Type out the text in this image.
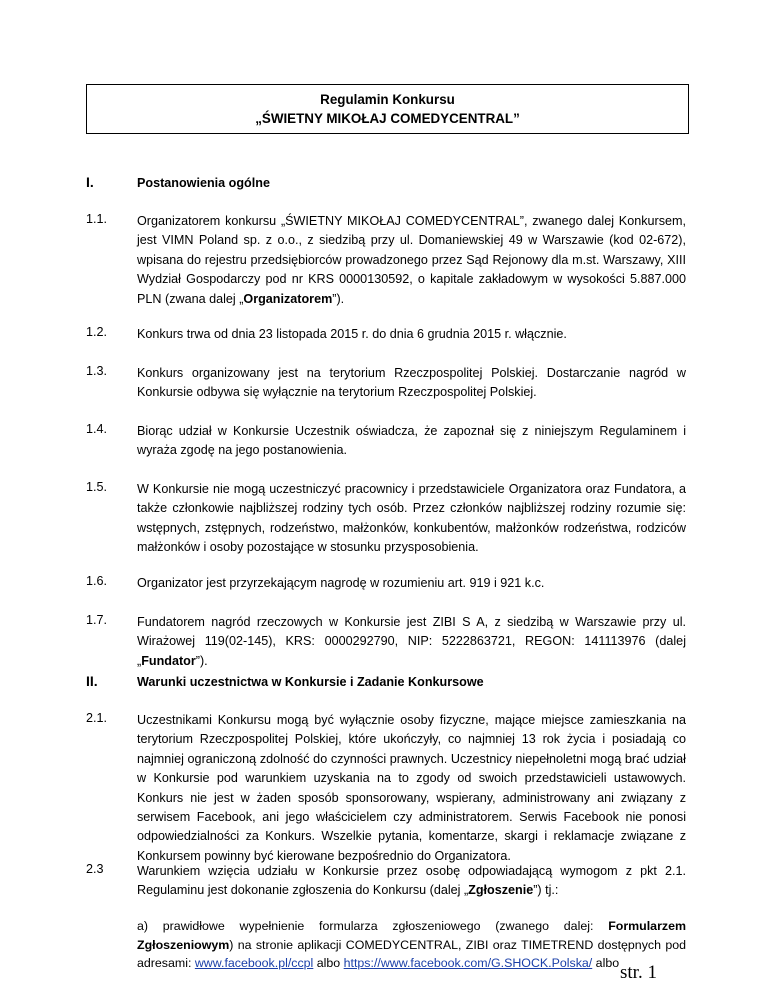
Regulamin Konkursu
„ŚWIETNY MIKOŁAJ COMEDYCENTRAL”
I.	Postanowienia ogólne
1.1.	Organizatorem konkursu „ŚWIETNY MIKOŁAJ COMEDYCENTRAL”, zwanego dalej Konkursem, jest VIMN Poland sp. z o.o., z siedzibą przy ul. Domaniewskiej 49 w Warszawie (kod 02-672), wpisana do rejestru przedsiębiorców prowadzonego przez Sąd Rejonowy dla m.st. Warszawy, XIII Wydział Gospodarczy pod nr KRS 0000130592, o kapitale zakładowym w wysokości 5.887.000 PLN (zwana dalej „Organizatorem”).
1.2.	Konkurs trwa od dnia 23 listopada 2015 r. do dnia 6 grudnia 2015 r. włącznie.
1.3.	Konkurs organizowany jest na terytorium Rzeczpospolitej Polskiej. Dostarczanie nagród w Konkursie odbywa się wyłącznie na terytorium Rzeczpospolitej Polskiej.
1.4.	Biorąc udział w Konkursie Uczestnik oświadcza, że zapoznał się z niniejszym Regulaminem i wyraża zgodę na jego postanowienia.
1.5.	W Konkursie nie mogą uczestniczyć pracownicy i przedstawiciele Organizatora oraz Fundatora, a także członkowie najbliższej rodziny tych osób. Przez członków najbliższej rodziny rozumie się: wstępnych, zstępnych, rodzeństwo, małżonków, konkubentów, małżonków rodzeństwa, rodziców małżonków i osoby pozostające w stosunku przysposobienia.
1.6.	Organizator jest przyrzekającym nagrodę w rozumieniu art. 919 i 921 k.c.
1.7.	Fundatorem nagród rzeczowych w Konkursie jest ZIBI S A, z siedzibą w Warszawie przy ul. Wirażowej 119(02-145), KRS: 0000292790, NIP: 5222863721, REGON: 141113976 (dalej „Fundator”).
II.	Warunki uczestnictwa w Konkursie i Zadanie Konkursowe
2.1.	Uczestnikami Konkursu mogą być wyłącznie osoby fizyczne, mające miejsce zamieszkania na terytorium Rzeczpospolitej Polskiej, które ukończyły, co najmniej 13 rok życia i posiadają co najmniej ograniczoną zdolność do czynności prawnych. Uczestnicy niepełnoletni mogą brać udział w Konkursie pod warunkiem uzyskania na to zgody od swoich przedstawicieli ustawowych. Konkurs nie jest w żaden sposób sponsorowany, wspierany, administrowany ani związany z serwisem Facebook, ani jego właścicielem czy administratorem. Serwis Facebook nie ponosi odpowiedzialności za Konkurs. Wszelkie pytania, komentarze, skargi i reklamacje związane z Konkursem powinny być kierowane bezpośrednio do Organizatora.
2.3	Warunkiem wzięcia udziału w Konkursie przez osobę odpowiadającą wymogom z pkt 2.1. Regulaminu jest dokonanie zgłoszenia do Konkursu (dalej „Zgłoszenie”) tj.:
a) prawidłowe wypełnienie formularza zgłoszeniowego (zwanego dalej: Formularzem Zgłoszeniowym) na stronie aplikacji COMEDYCENTRAL, ZIBI oraz TIMETREND dostępnych pod adresami: www.facebook.pl/ccpl albo https://www.facebook.com/G.SHOCK.Polska/ albo str. 1
